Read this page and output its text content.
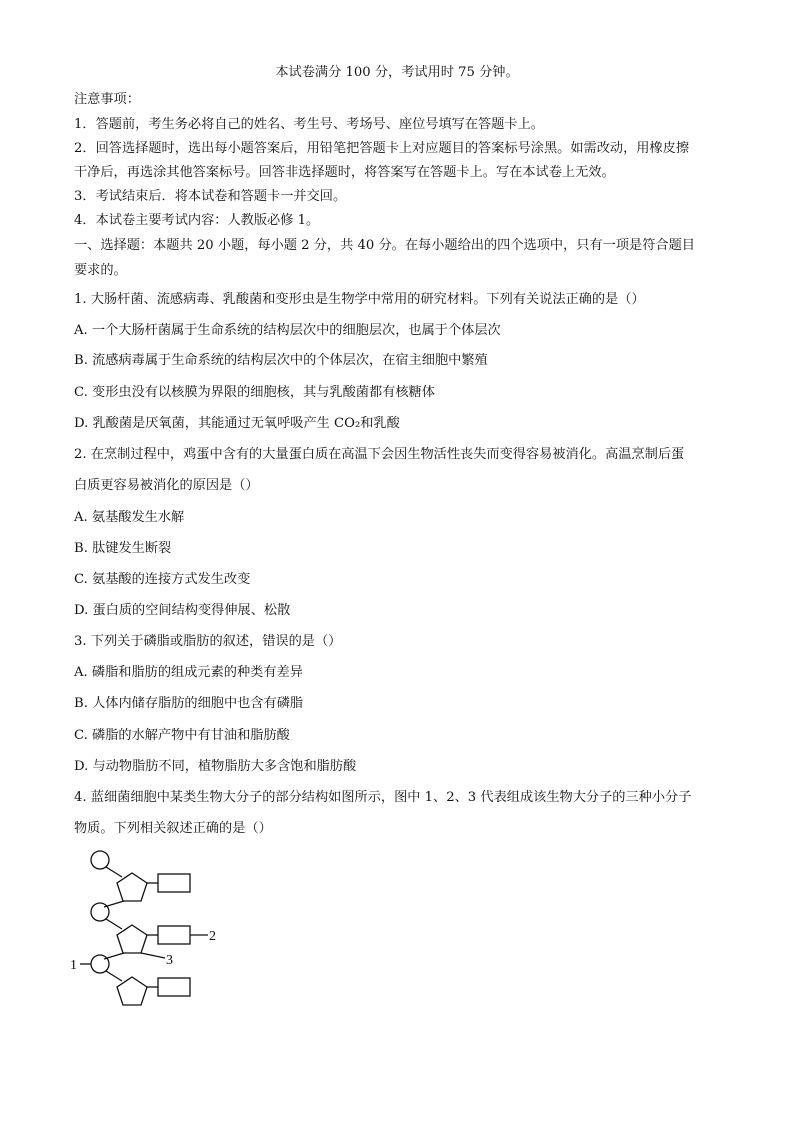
本试卷满分 100 分，考试用时 75 分钟。
注意事项：
1．答题前，考生务必将自己的姓名、考生号、考场号、座位号填写在答题卡上。
2．回答选择题时，选出每小题答案后，用铅笔把答题卡上对应题目的答案标号涂黑。如需改动，用橡皮擦
干净后，再选涂其他答案标号。回答非选择题时，将答案写在答题卡上。写在本试卷上无效。
3．考试结束后．将本试卷和答题卡一并交回。
4．本试卷主要考试内容：人教版必修 1。
一、选择题：本题共 20 小题，每小题 2 分，共 40 分。在每小题给出的四个选项中，只有一项是符合题目
要求的。
1. 大肠杆菌、流感病毒、乳酸菌和变形虫是生物学中常用的研究材料。下列有关说法正确的是（）
A. 一个大肠杆菌属于生命系统的结构层次中的细胞层次，也属于个体层次
B. 流感病毒属于生命系统的结构层次中的个体层次，在宿主细胞中繁殖
C. 变形虫没有以核膜为界限的细胞核，其与乳酸菌都有核糖体
D. 乳酸菌是厌氧菌，其能通过无氧呼吸产生 CO₂和乳酸
2. 在烹制过程中，鸡蛋中含有的大量蛋白质在高温下会因生物活性丧失而变得容易被消化。高温烹制后蛋
白质更容易被消化的原因是（）
A. 氨基酸发生水解
B. 肽键发生断裂
C. 氨基酸的连接方式发生改变
D. 蛋白质的空间结构变得伸展、松散
3. 下列关于磷脂或脂肪的叙述，错误的是（）
A. 磷脂和脂肪的组成元素的种类有差异
B. 人体内储存脂肪的细胞中也含有磷脂
C. 磷脂的水解产物中有甘油和脂肪酸
D. 与动物脂肪不同，植物脂肪大多含饱和脂肪酸
4. 蓝细菌细胞中某类生物大分子的部分结构如图所示，图中 1、2、3 代表组成该生物大分子的三种小分子
物质。下列相关叙述正确的是（）
1
2
3
